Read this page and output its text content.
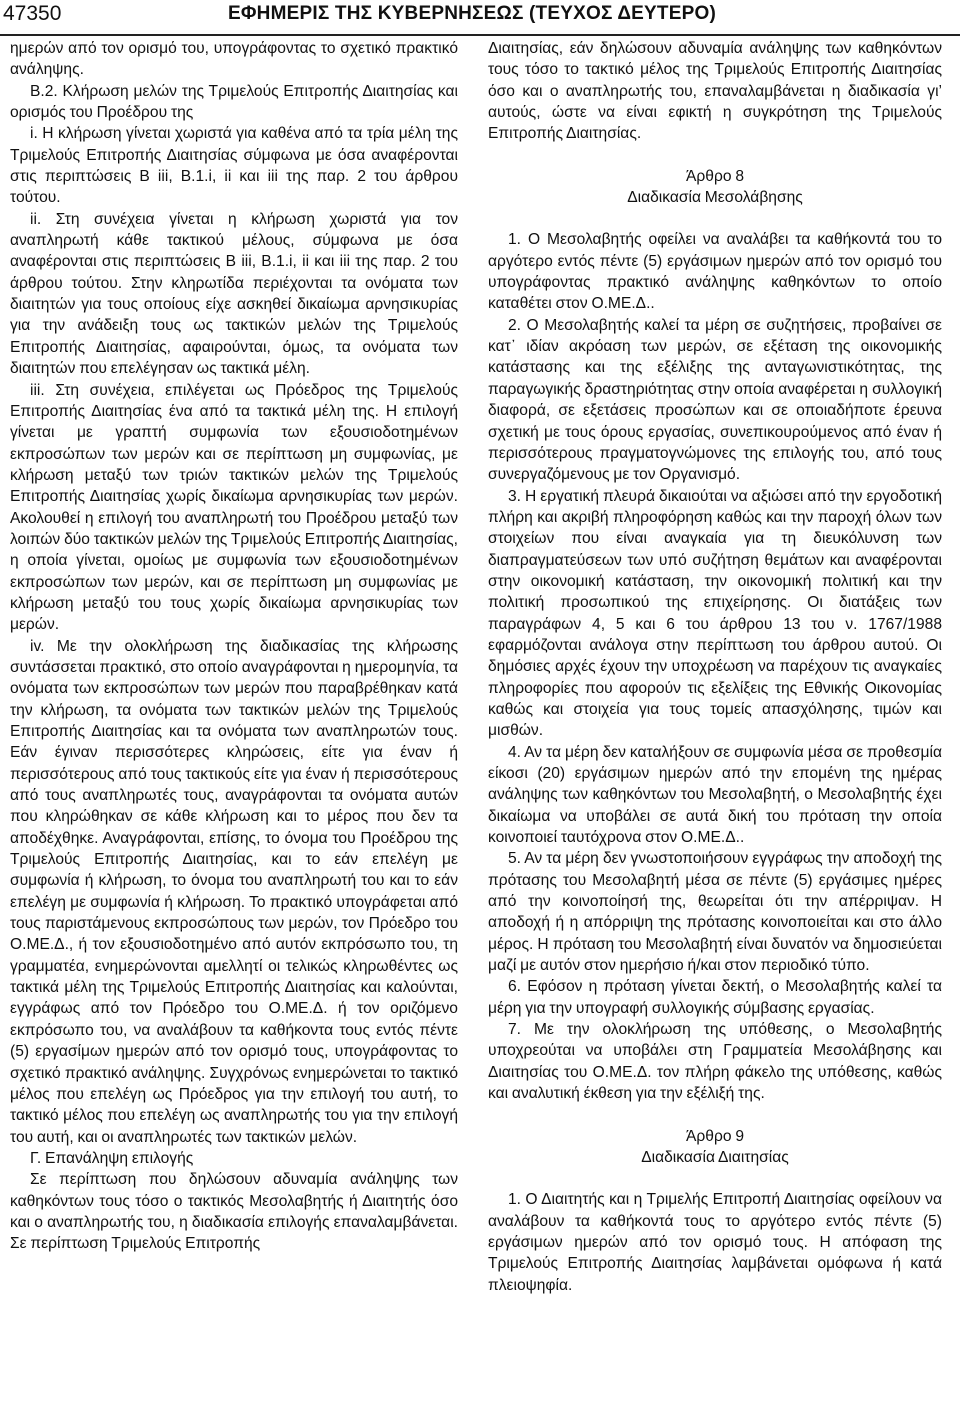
47350	ΕΦΗΜΕΡΙΣ ΤΗΣ ΚΥΒΕΡΝΗΣΕΩΣ (ΤΕΥΧΟΣ ΔΕΥΤΕΡΟ)

ημερών από τον ορισμό του, υπογράφοντας το σχετικό πρακτικό ανάληψης.

Β.2. Κλήρωση μελών της Τριμελούς Επιτροπής Διαιτησίας και ορισμός του Προέδρου της

i. Η κλήρωση γίνεται χωριστά για καθένα από τα τρία μέλη της Τριμελούς Επιτροπής Διαιτησίας σύμφωνα με όσα αναφέρονται στις περιπτώσεις Β iii, Β.1.i, ii και iii της παρ. 2 του άρθρου τούτου.

ii. Στη συνέχεια γίνεται η κλήρωση χωριστά για τον αναπληρωτή κάθε τακτικού μέλους, σύμφωνα με όσα αναφέρονται στις περιπτώσεις Β iii, Β.1.i, ii και iii της παρ. 2 του άρθρου τούτου. Στην κληρωτίδα περιέχονται τα ονόματα των διαιτητών για τους οποίους είχε ασκηθεί δικαίωμα αρνησικυρίας για την ανάδειξη τους ως τακτικών μελών της Τριμελούς Επιτροπής Διαιτησίας, αφαιρούνται, όμως, τα ονόματα των διαιτητών που επελέγησαν ως τακτικά μέλη.

iii. Στη συνέχεια, επιλέγεται ως Πρόεδρος της Τριμελούς Επιτροπής Διαιτησίας ένα από τα τακτικά μέλη της. Η επιλογή γίνεται με γραπτή συμφωνία των εξουσιοδοτημένων εκπροσώπων των μερών και σε περίπτωση μη συμφωνίας, με κλήρωση μεταξύ των τριών τακτικών μελών της Τριμελούς Επιτροπής Διαιτησίας χωρίς δικαίωμα αρνησικυρίας των μερών. Ακολουθεί η επιλογή του αναπληρωτή του Προέδρου μεταξύ των λοιπών δύο τακτικών μελών της Τριμελούς Επιτροπής Διαιτησίας, η οποία γίνεται, ομοίως με συμφωνία των εξουσιοδοτημένων εκπροσώπων των μερών, και σε περίπτωση μη συμφωνίας με κλήρωση μεταξύ του τους χωρίς δικαίωμα αρνησικυρίας των μερών.

iv. Με την ολοκλήρωση της διαδικασίας της κλήρωσης συντάσσεται πρακτικό, στο οποίο αναγράφονται η ημερομηνία, τα ονόματα των εκπροσώπων των μερών που παραβρέθηκαν κατά την κλήρωση, τα ονόματα των τακτικών μελών της Τριμελούς Επιτροπής Διαιτησίας και τα ονόματα των αναπληρωτών τους. Εάν έγιναν περισσότερες κληρώσεις, είτε για έναν ή περισσότερους από τους τακτικούς είτε για έναν ή περισσότερους από τους αναπληρωτές τους, αναγράφονται τα ονόματα αυτών που κληρώθηκαν σε κάθε κλήρωση και το μέρος που δεν τα αποδέχθηκε. Αναγράφονται, επίσης, το όνομα του Προέδρου της Τριμελούς Επιτροπής Διαιτησίας, και το εάν επελέγη με συμφωνία ή κλήρωση, το όνομα του αναπληρωτή του και το εάν επελέγη με συμφωνία ή κλήρωση. Το πρακτικό υπογράφεται από τους παριστάμενους εκπροσώπους των μερών, τον Πρόεδρο του Ο.ΜΕ.Δ., ή τον εξουσιοδοτημένο από αυτόν εκπρόσωπο του, τη γραμματέα, ενημερώνονται αμελλητί οι τελικώς κληρωθέντες ως τακτικά μέλη της Τριμελούς Επιτροπής Διαιτησίας και καλούνται, εγγράφως από τον Πρόεδρο του Ο.ΜΕ.Δ. ή τον οριζόμενο εκπρόσωπο του, να αναλάβουν τα καθήκοντα τους εντός πέντε (5) εργασίμων ημερών από τον ορισμό τους, υπογράφοντας το σχετικό πρακτικό ανάληψης. Συγχρόνως ενημερώνεται το τακτικό μέλος που επελέγη ως Πρόεδρος για την επιλογή του αυτή, το τακτικό μέλος που επελέγη ως αναπληρωτής του για την επιλογή του αυτή, και οι αναπληρωτές των τακτικών μελών.

Γ. Επανάληψη επιλογής

Σε περίπτωση που δηλώσουν αδυναμία ανάληψης των καθηκόντων τους τόσο ο τακτικός Μεσολαβητής ή Διαιτητής όσο και ο αναπληρωτής του, η διαδικασία επιλογής επαναλαμβάνεται. Σε περίπτωση Τριμελούς Επιτροπής

Διαιτησίας, εάν δηλώσουν αδυναμία ανάληψης των καθηκόντων τους τόσο το τακτικό μέλος της Τριμελούς Επιτροπής Διαιτησίας όσο και ο αναπληρωτής του, επαναλαμβάνεται η διαδικασία γι’ αυτούς, ώστε να είναι εφικτή η συγκρότηση της Τριμελούς Επιτροπής Διαιτησίας.

Άρθρο 8

Διαδικασία Μεσολάβησης

1. Ο Μεσολαβητής οφείλει να αναλάβει τα καθήκοντά του το αργότερο εντός πέντε (5) εργάσιμων ημερών από τον ορισμό του υπογράφοντας πρακτικό ανάληψης καθηκόντων το οποίο καταθέτει στον Ο.ΜΕ.Δ..

2. Ο Μεσολαβητής καλεί τα μέρη σε συζητήσεις, προβαίνει σε κατ᾽ ιδίαν ακρόαση των μερών, σε εξέταση της οικονομικής κατάστασης και της εξέλιξης της ανταγωνιστικότητας, της παραγωγικής δραστηριότητας στην οποία αναφέρεται η συλλογική διαφορά, σε εξετάσεις προσώπων και σε οποιαδήποτε έρευνα σχετική με τους όρους εργασίας, συνεπικουρούμενος από έναν ή περισσότερους πραγματογνώμονες της επιλογής του, από τους συνεργαζόμενους με τον Οργανισμό.

3. Η εργατική πλευρά δικαιούται να αξιώσει από την εργοδοτική πλήρη και ακριβή πληροφόρηση καθώς και την παροχή όλων των στοιχείων που είναι αναγκαία για τη διευκόλυνση των διαπραγματεύσεων των υπό συζήτηση θεμάτων και αναφέρονται στην οικονομική κατάσταση, την οικονομική πολιτική και την πολιτική προσωπικού της επιχείρησης. Οι διατάξεις των παραγράφων 4, 5 και 6 του άρθρου 13 του ν. 1767/1988 εφαρμόζονται ανάλογα στην περίπτωση του άρθρου αυτού. Οι δημόσιες αρχές έχουν την υποχρέωση να παρέχουν τις αναγκαίες πληροφορίες που αφορούν τις εξελίξεις της Εθνικής Οικονομίας καθώς και στοιχεία για τους τομείς απασχόλησης, τιμών και μισθών.

4. Αν τα μέρη δεν καταλήξουν σε συμφωνία μέσα σε προθεσμία είκοσι (20) εργάσιμων ημερών από την επομένη της ημέρας ανάληψης των καθηκόντων του Μεσολαβητή, ο Μεσολαβητής έχει δικαίωμα να υποβάλει σε αυτά δική του πρόταση την οποία κοινοποιεί ταυτόχρονα στον Ο.ΜΕ.Δ..

5. Αν τα μέρη δεν γνωστοποιήσουν εγγράφως την αποδοχή της πρότασης του Μεσολαβητή μέσα σε πέντε (5) εργάσιμες ημέρες από την κοινοποίησή της, θεωρείται ότι την απέρριψαν. Η αποδοχή ή η απόρριψη της πρότασης κοινοποιείται και στο άλλο μέρος. Η πρόταση του Μεσολαβητή είναι δυνατόν να δημοσιεύεται μαζί με αυτόν στον ημερήσιο ή/και στον περιοδικό τύπο.

6. Εφόσον η πρόταση γίνεται δεκτή, ο Μεσολαβητής καλεί τα μέρη για την υπογραφή συλλογικής σύμβασης εργασίας.

7. Με την ολοκλήρωση της υπόθεσης, ο Μεσολαβητής υποχρεούται να υποβάλει στη Γραμματεία Μεσολάβησης και Διαιτησίας του Ο.ΜΕ.Δ. τον πλήρη φάκελο της υπόθεσης, καθώς και αναλυτική έκθεση για την εξέλιξή της.

Άρθρο 9

Διαδικασία Διαιτησίας

1. Ο Διαιτητής και η Τριμελής Επιτροπή Διαιτησίας οφείλουν να αναλάβουν τα καθήκοντά τους το αργότερο εντός πέντε (5) εργάσιμων ημερών από τον ορισμό τους. Η απόφαση της Τριμελούς Επιτροπής Διαιτησίας λαμβάνεται ομόφωνα ή κατά πλειοψηφία.
